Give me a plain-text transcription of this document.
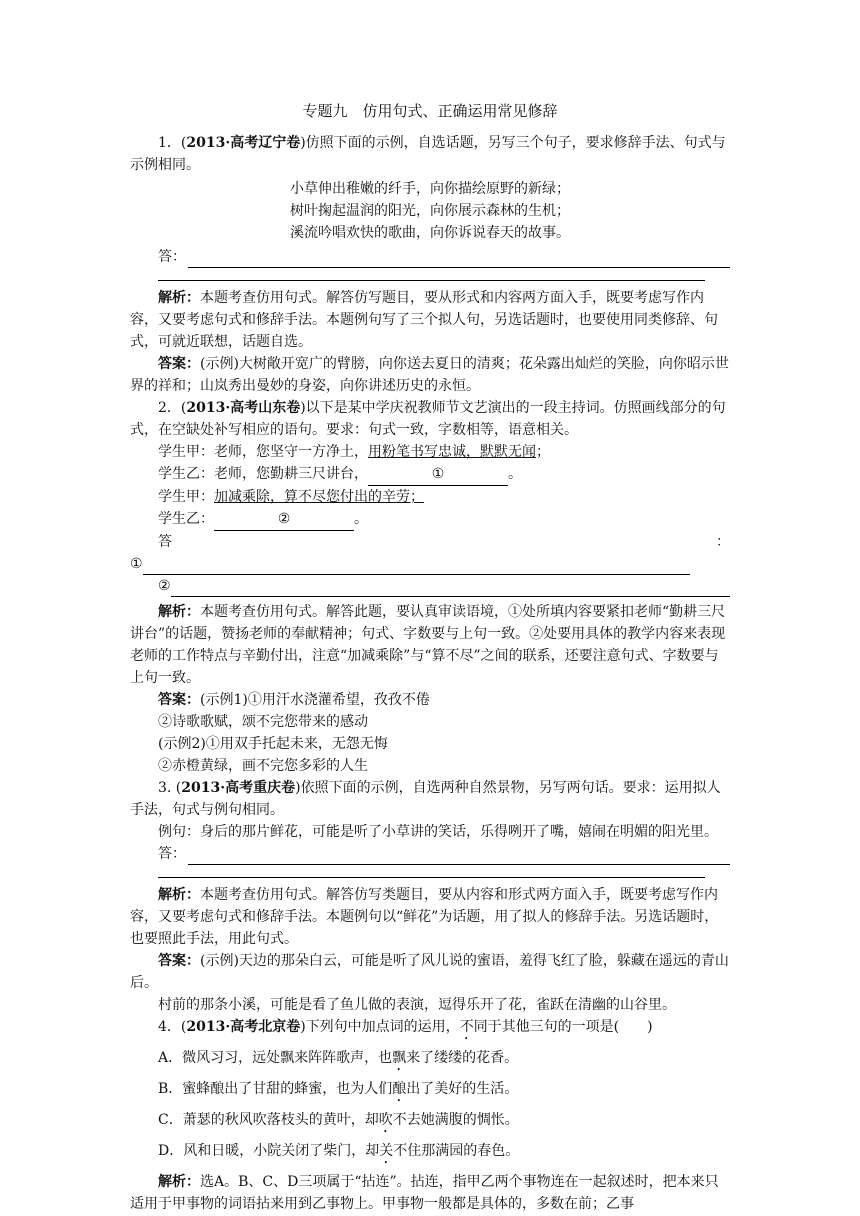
专题九　仿用句式、正确运用常见修辞

1．(2013·高考辽宁卷)仿照下面的示例，自选话题，另写三个句子，要求修辞手法、句式与示例相同。

小草伸出稚嫩的纤手，向你描绘原野的新绿；
树叶掬起温润的阳光，向你展示森林的生机；
溪流吟唱欢快的歌曲，向你诉说春天的故事。
答：

解析：本题考查仿用句式。解答仿写题目，要从形式和内容两方面入手，既要考虑写作内容，又要考虑句式和修辞手法。本题例句写了三个拟人句，另选话题时，也要使用同类修辞、句式，可就近联想，话题自选。

答案：(示例)大树敞开宽广的臂膀，向你送去夏日的清爽；花朵露出灿烂的笑脸，向你昭示世界的祥和；山岚秀出曼妙的身姿，向你讲述历史的永恒。

2．(2013·高考山东卷)以下是某中学庆祝教师节文艺演出的一段主持词。仿照画线部分的句式，在空缺处补写相应的语句。要求：句式一致，字数相等，语意相关。

学生甲：老师，您坚守一方净土，用粉笔书写忠诚，默默无闻；

学生乙：老师，您勤耕三尺讲台，	①	。

学生甲：加减乘除，算不尽您付出的辛劳；

学生乙：	②	。

答	：
①
②

解析：本题考查仿用句式。解答此题，要认真审读语境，①处所填内容要紧扣老师“勤耕三尺讲台”的话题，赞扬老师的奉献精神；句式、字数要与上句一致。②处要用具体的教学内容来表现老师的工作特点与辛勤付出，注意“加减乘除”与“算不尽”之间的联系，还要注意句式、字数要与上句一致。

答案：(示例1)①用汗水浇灌希望，孜孜不倦

②诗歌歌赋，颂不完您带来的感动

(示例2)①用双手托起未来，无怨无悔

②赤橙黄绿，画不完您多彩的人生

3. (2013·高考重庆卷)依照下面的示例，自选两种自然景物，另写两句话。要求：运用拟人手法，句式与例句相同。

例句：身后的那片鲜花，可能是听了小草讲的笑话，乐得咧开了嘴，嬉闹在明媚的阳光里。

答：

解析：本题考查仿用句式。解答仿写类题目，要从内容和形式两方面入手，既要考虑写作内容，又要考虑句式和修辞手法。本题例句以“鲜花”为话题，用了拟人的修辞手法。另选话题时，也要照此手法，用此句式。

答案：(示例)天边的那朵白云，可能是听了风儿说的蜜语，羞得飞红了脸，躲藏在遥远的青山后。

村前的那条小溪，可能是看了鱼儿做的表演，逗得乐开了花，雀跃在清幽的山谷里。

4．(2013·高考北京卷)下列句中加点词的运用，不同于其他三句的一项是(　　)

A．微风习习，远处飘来阵阵歌声，也飘来了缕缕的花香。

B．蜜蜂酿出了甘甜的蜂蜜，也为人们酿出了美好的生活。

C．萧瑟的秋风吹落枝头的黄叶，却吹不去她满腹的惆怅。

D．风和日暖，小院关闭了柴门，却关不住那满园的春色。

解析：选A。B、C、D三项属于“拈连”。拈连，指甲乙两个事物连在一起叙述时，把本来只适用于甲事物的词语拈来用到乙事物上。甲事物一般都是具体的，多数在前；乙事
